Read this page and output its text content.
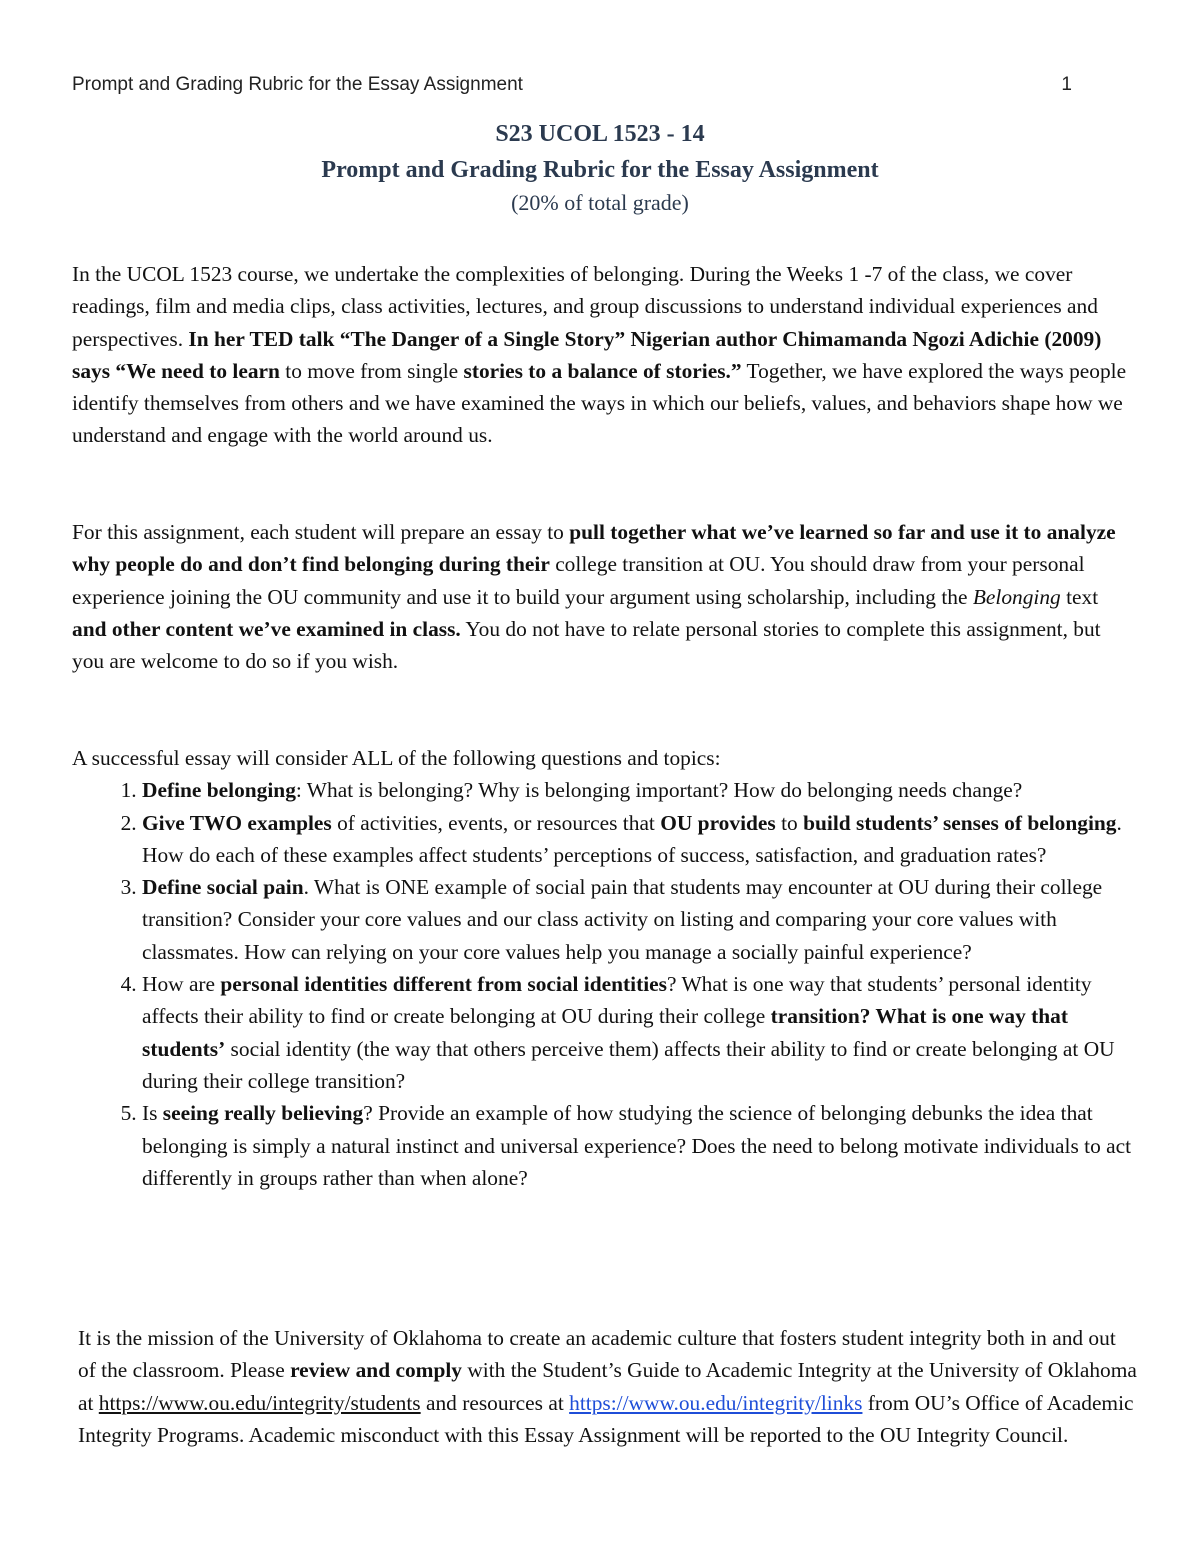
Prompt and Grading Rubric for the Essay Assignment	1
S23 UCOL 1523 - 14
Prompt and Grading Rubric for the Essay Assignment
(20% of total grade)

In the UCOL 1523 course, we undertake the complexities of belonging. During the Weeks 1 -7 of the class, we cover readings, film and media clips, class activities, lectures, and group discussions to understand individual experiences and perspectives. In her TED talk “The Danger of a Single Story” Nigerian author Chimamanda Ngozi Adichie (2009) says “We need to learn to move from single stories to a balance of stories.” Together, we have explored the ways people identify themselves from others and we have examined the ways in which our beliefs, values, and behaviors shape how we understand and engage with the world around us.

For this assignment, each student will prepare an essay to pull together what we’ve learned so far and use it to analyze why people do and don’t find belonging during their college transition at OU. You should draw from your personal experience joining the OU community and use it to build your argument using scholarship, including the Belonging text and other content we’ve examined in class. You do not have to relate personal stories to complete this assignment, but you are welcome to do so if you wish.

A successful essay will consider ALL of the following questions and topics:

1. Define belonging: What is belonging? Why is belonging important? How do belonging needs change?
2. Give TWO examples of activities, events, or resources that OU provides to build students’ senses of belonging. How do each of these examples affect students’ perceptions of success, satisfaction, and graduation rates?
3. Define social pain. What is ONE example of social pain that students may encounter at OU during their college transition? Consider your core values and our class activity on listing and comparing your core values with classmates. How can relying on your core values help you manage a socially painful experience?
4. How are personal identities different from social identities? What is one way that students’ personal identity affects their ability to find or create belonging at OU during their college transition? What is one way that students’ social identity (the way that others perceive them) affects their ability to find or create belonging at OU during their college transition?
5. Is seeing really believing? Provide an example of how studying the science of belonging debunks the idea that belonging is simply a natural instinct and universal experience? Does the need to belong motivate individuals to act differently in groups rather than when alone?

It is the mission of the University of Oklahoma to create an academic culture that fosters student integrity both in and out of the classroom. Please review and comply with the Student’s Guide to Academic Integrity at the University of Oklahoma at https://www.ou.edu/integrity/students and resources at https://www.ou.edu/integrity/links from OU’s Office of Academic Integrity Programs. Academic misconduct with this Essay Assignment will be reported to the OU Integrity Council.
